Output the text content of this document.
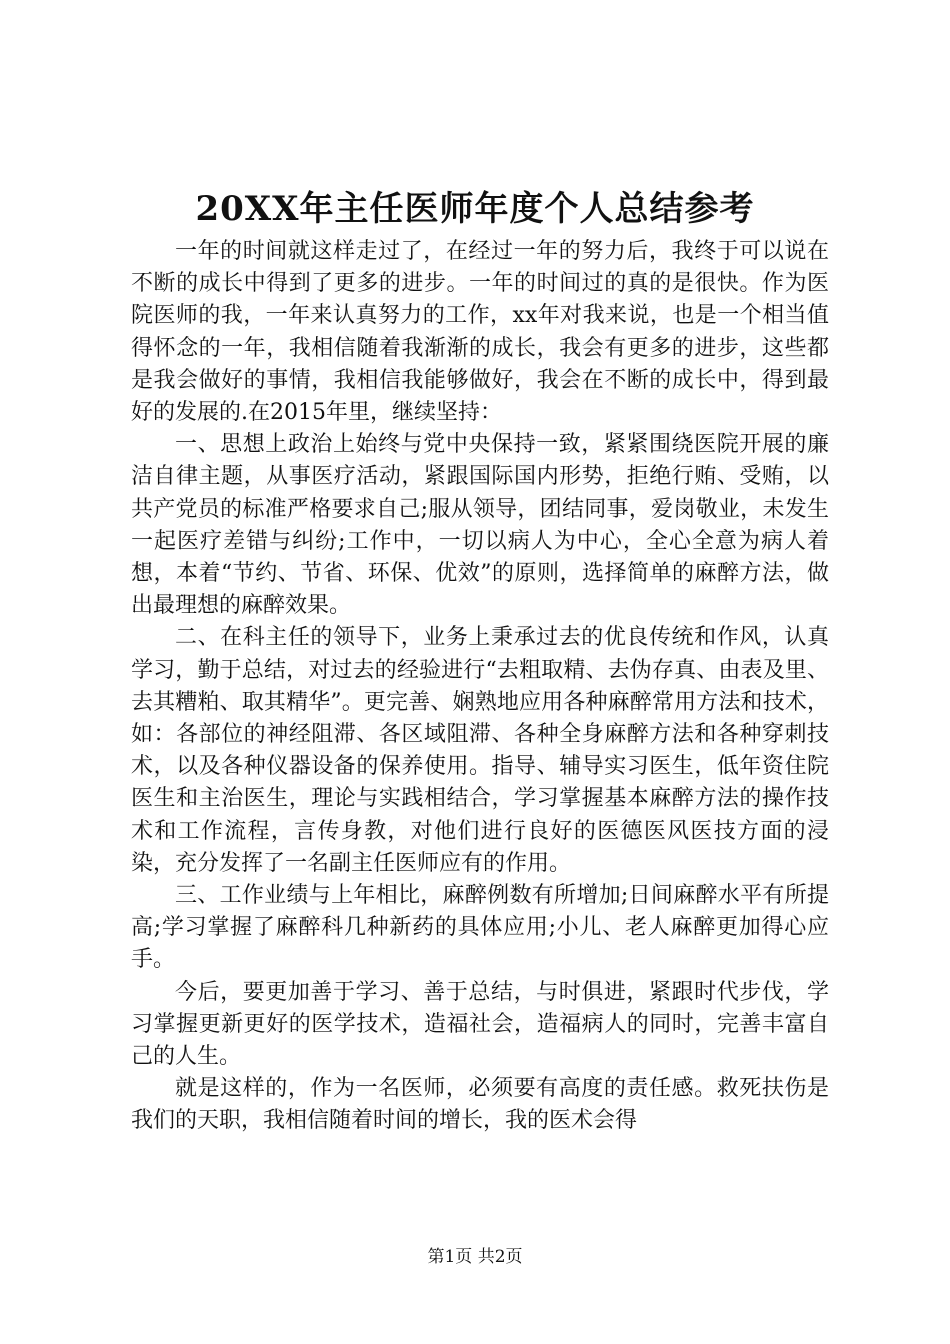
20XX年主任医师年度个人总结参考

一年的时间就这样走过了，在经过一年的努力后，我终于可以说在不断的成长中得到了更多的进步。一年的时间过的真的是很快。作为医院医师的我，一年来认真努力的工作，xx年对我来说，也是一个相当值得怀念的一年，我相信随着我渐渐的成长，我会有更多的进步，这些都是我会做好的事情，我相信我能够做好，我会在不断的成长中，得到最好的发展的.在2015年里，继续坚持：

一、思想上政治上始终与党中央保持一致，紧紧围绕医院开展的廉洁自律主题，从事医疗活动，紧跟国际国内形势，拒绝行贿、受贿，以共产党员的标准严格要求自己;服从领导，团结同事，爱岗敬业，未发生一起医疗差错与纠纷;工作中，一切以病人为中心，全心全意为病人着想，本着“节约、节省、环保、优效”的原则，选择简单的麻醉方法，做出最理想的麻醉效果。

二、在科主任的领导下，业务上秉承过去的优良传统和作风，认真学习，勤于总结，对过去的经验进行“去粗取精、去伪存真、由表及里、去其糟粕、取其精华”。更完善、娴熟地应用各种麻醉常用方法和技术，如：各部位的神经阻滞、各区域阻滞、各种全身麻醉方法和各种穿刺技术，以及各种仪器设备的保养使用。指导、辅导实习医生，低年资住院医生和主治医生，理论与实践相结合，学习掌握基本麻醉方法的操作技术和工作流程，言传身教，对他们进行良好的医德医风医技方面的浸染，充分发挥了一名副主任医师应有的作用。

三、工作业绩与上年相比，麻醉例数有所增加;日间麻醉水平有所提高;学习掌握了麻醉科几种新药的具体应用;小儿、老人麻醉更加得心应手。

今后，要更加善于学习、善于总结，与时俱进，紧跟时代步伐，学习掌握更新更好的医学技术，造福社会，造福病人的同时，完善丰富自己的人生。

就是这样的，作为一名医师，必须要有高度的责任感。救死扶伤是我们的天职，我相信随着时间的增长，我的医术会得

第1页 共2页
